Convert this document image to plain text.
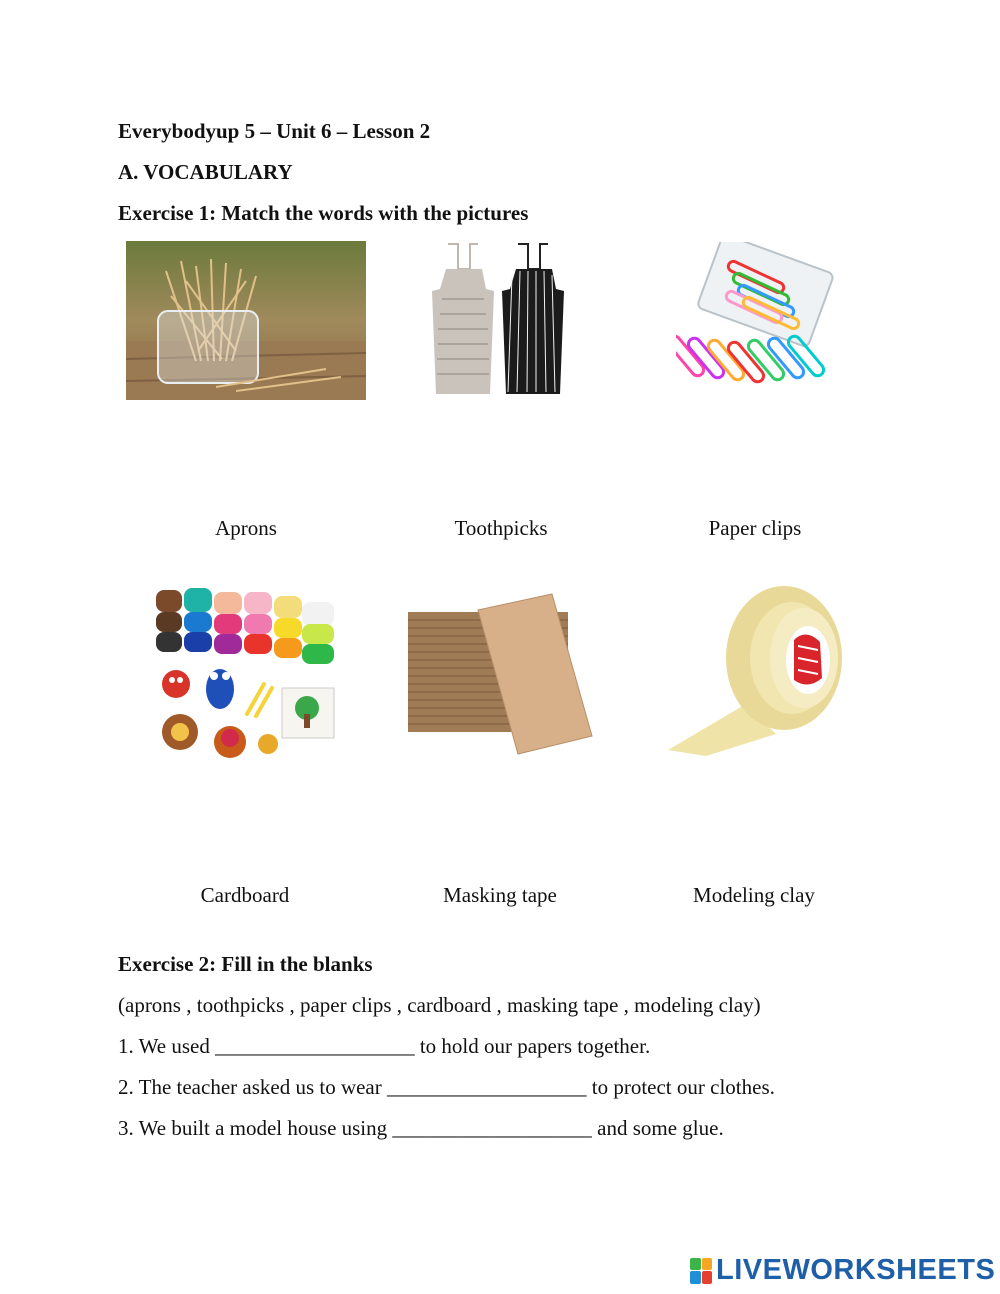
Everybodyup 5 – Unit 6 – Lesson 2
A. VOCABULARY
Exercise 1: Match the words with the pictures
Aprons	Toothpicks	Paper clips
Cardboard	Masking tape	Modeling clay
Exercise 2: Fill in the blanks
(aprons , toothpicks , paper clips , cardboard , masking tape , modeling clay)
1. We used ___________________ to hold our papers together.
2. The teacher asked us to wear ___________________ to protect our clothes.
3. We built a model house using ___________________ and some glue.
LIVEWORKSHEETS
